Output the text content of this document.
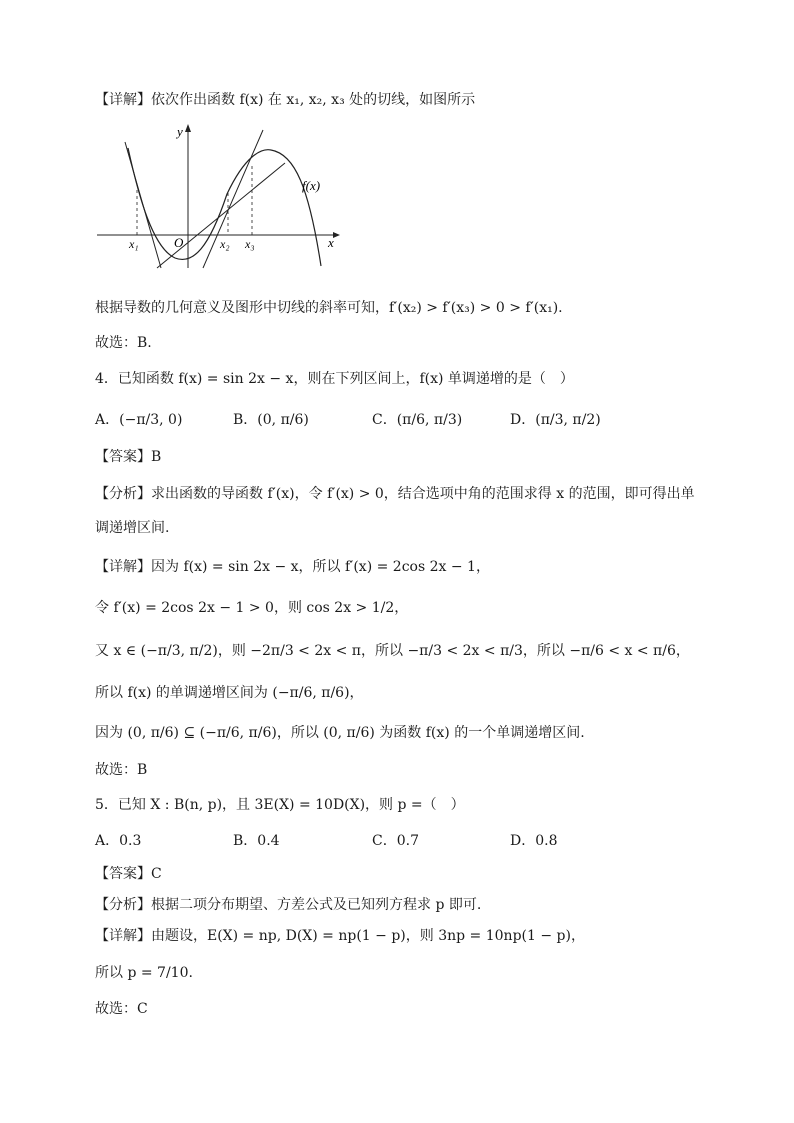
【详解】依次作出函数 f(x) 在 x₁, x₂, x₃ 处的切线，如图所示
y
x
O
x₁	x₂ x₃
f(x)
根据导数的几何意义及图形中切线的斜率可知，f′(x₂) > f′(x₃) > 0 > f′(x₁).
故选：B.
4．已知函数 f(x) = sin 2x − x，则在下列区间上，f(x) 单调递增的是（　）
A．(−π/3, 0)	B．(0, π/6)	C．(π/6, π/3)	D．(π/3, π/2)
【答案】B
【分析】求出函数的导函数 f′(x)，令 f′(x) > 0，结合选项中角的范围求得 x 的范围，即可得出单
调递增区间.
【详解】因为 f(x) = sin 2x − x，所以 f′(x) = 2cos 2x − 1，
令 f′(x) = 2cos 2x − 1 > 0，则 cos 2x > 1/2，
又 x ∈ (−π/3, π/2)，则 −2π/3 < 2x < π，所以 −π/3 < 2x < π/3，所以 −π/6 < x < π/6，
所以 f(x) 的单调递增区间为 (−π/6, π/6)，
因为 (0, π/6) ⊆ (−π/6, π/6)，所以 (0, π/6) 为函数 f(x) 的一个单调递增区间.
故选：B
5．已知 X : B(n, p)，且 3E(X) = 10D(X)，则 p =（　）
A．0.3	B．0.4	C．0.7	D．0.8
【答案】C
【分析】根据二项分布期望、方差公式及已知列方程求 p 即可.
【详解】由题设，E(X) = np, D(X) = np(1 − p)，则 3np = 10np(1 − p)，
所以 p = 7/10.
故选：C
